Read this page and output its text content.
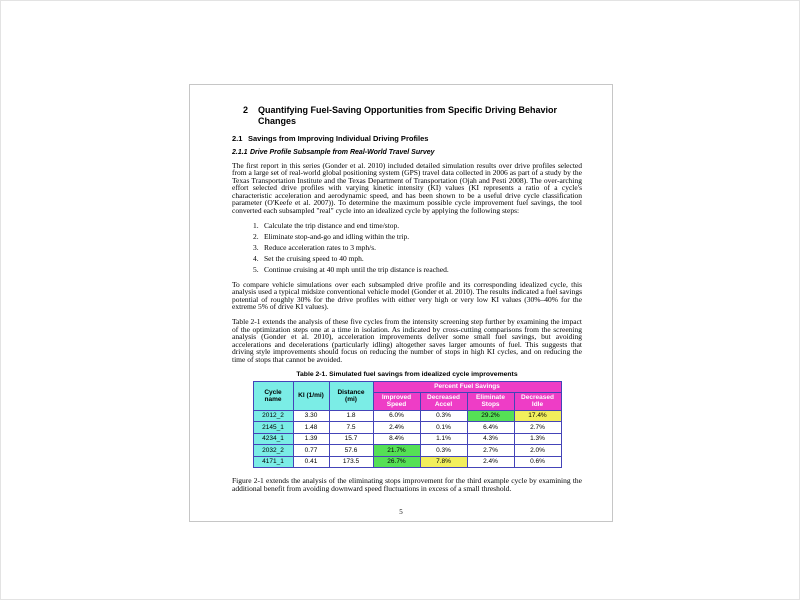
2	Quantifying Fuel-Saving Opportunities from Specific Driving Behavior Changes
2.1 Savings from Improving Individual Driving Profiles
2.1.1 Drive Profile Subsample from Real-World Travel Survey

The first report in this series (Gonder et al. 2010) included detailed simulation results over drive profiles selected from a large set of real-world global positioning system (GPS) travel data collected in 2006 as part of a study by the Texas Transportation Institute and the Texas Department of Transportation (Ojah and Pesti 2008). The over-arching effort selected drive profiles with varying kinetic intensity (KI) values (KI represents a ratio of a cycle's characteristic acceleration and aerodynamic speed, and has been shown to be a useful drive cycle classification parameter (O'Keefe et al. 2007)). To determine the maximum possible cycle improvement fuel savings, the tool converted each subsampled "real" cycle into an idealized cycle by applying the following steps:

1. Calculate the trip distance and end time/stop.
2. Eliminate stop-and-go and idling within the trip.
3. Reduce acceleration rates to 3 mph/s.
4. Set the cruising speed to 40 mph.
5. Continue cruising at 40 mph until the trip distance is reached.

To compare vehicle simulations over each subsampled drive profile and its corresponding idealized cycle, this analysis used a typical midsize conventional vehicle model (Gonder et al. 2010). The results indicated a fuel savings potential of roughly 30% for the drive profiles with either very high or very low KI values (30%–40% for the extreme 5% of drive KI values).

Table 2-1 extends the analysis of these five cycles from the intensity screening step further by examining the impact of the optimization steps one at a time in isolation. As indicated by cross-cutting comparisons from the screening analysis (Gonder et al. 2010), acceleration improvements deliver some small fuel savings, but avoiding accelerations and decelerations (particularly idling) altogether saves larger amounts of fuel. This suggests that driving style improvements should focus on reducing the number of stops in high KI cycles, and on reducing the time of stops that cannot be avoided.

Table 2-1. Simulated fuel savings from idealized cycle improvements
Cycle name	KI (1/mi)	Distance (mi)	Percent Fuel Savings			
			Improved Speed	Decreased Accel	Eliminate Stops	Decreased Idle
2012_2	3.30	1.8	6.0%	0.3%	29.2%	17.4%
2145_1	1.48	7.5	2.4%	0.1%	6.4%	2.7%
4234_1	1.39	15.7	8.4%	1.1%	4.3%	1.3%
2032_2	0.77	57.6	21.7%	0.3%	2.7%	2.0%
4171_1	0.41	173.5	26.7%	7.8%	2.4%	0.6%

Figure 2-1 extends the analysis of the eliminating stops improvement for the third example cycle by examining the additional benefit from avoiding downward speed fluctuations in excess of a small threshold.

5
